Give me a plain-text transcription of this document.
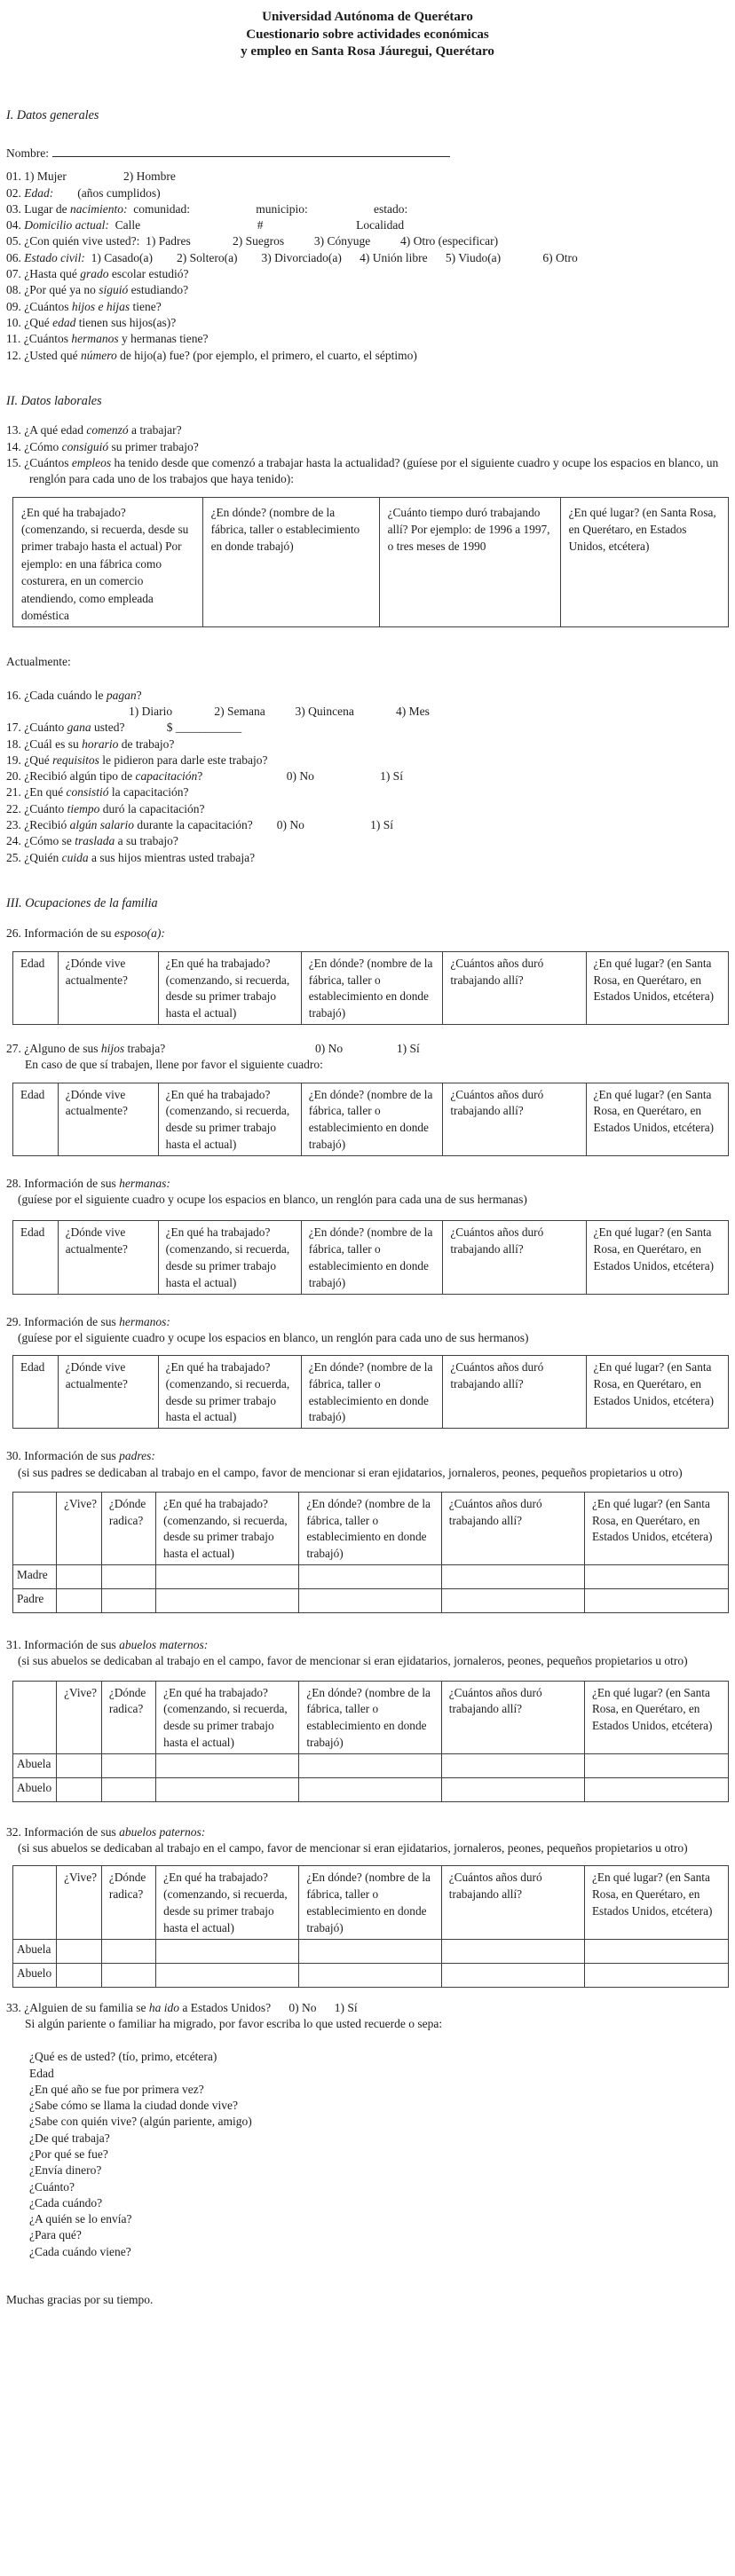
Universidad Autónoma de Querétaro
Cuestionario sobre actividades económicas
y empleo en Santa Rosa Jáuregui, Querétaro
I. Datos generales
Nombre:
01. 1) Mujer                   2) Hombre
02. Edad:        (años cumplidos)
03. Lugar de nacimiento:  comunidad:                      municipio:                      estado:
04. Domicilio actual:  Calle                                       #                               Localidad
05. ¿Con quién vive usted?:  1) Padres              2) Suegros          3) Cónyuge          4) Otro (especificar)
06. Estado civil:  1) Casado(a)        2) Soltero(a)        3) Divorciado(a)      4) Unión libre      5) Viudo(a)              6) Otro
07. ¿Hasta qué grado escolar estudió?
08. ¿Por qué ya no siguió estudiando?
09. ¿Cuántos hijos e hijas tiene?
10. ¿Qué edad tienen sus hijos(as)?
11. ¿Cuántos hermanos y hermanas tiene?
12. ¿Usted qué número de hijo(a) fue? (por ejemplo, el primero, el cuarto, el séptimo)
II. Datos laborales
13. ¿A qué edad comenzó a trabajar?
14. ¿Cómo consiguió su primer trabajo?
15. ¿Cuántos empleos ha tenido desde que comenzó a trabajar hasta la actualidad? (guíese por el siguiente cuadro y ocupe los espacios en blanco, un renglón para cada uno de los trabajos que haya tenido):
¿En qué ha trabajado? (comenzando, si recuerda, desde su primer trabajo hasta el actual) Por ejemplo: en una fábrica como costurera, en un comercio atendiendo, como empleada doméstica	¿En dónde? (nombre de la fábrica, taller o establecimiento en donde trabajó)	¿Cuánto tiempo duró trabajando allí? Por ejemplo: de 1996 a 1997, o tres meses de 1990	¿En qué lugar? (en Santa Rosa, en Querétaro, en Estados Unidos, etcétera)
Actualmente:
16. ¿Cada cuándo le pagan?
1) Diario              2) Semana          3) Quincena              4) Mes
17. ¿Cuánto gana usted?              $ ___________
18. ¿Cuál es su horario de trabajo?
19. ¿Qué requisitos le pidieron para darle este trabajo?
20. ¿Recibió algún tipo de capacitación?                            0) No                      1) Sí
21. ¿En qué consistió la capacitación?
22. ¿Cuánto tiempo duró la capacitación?
23. ¿Recibió algún salario durante la capacitación?        0) No                      1) Sí
24. ¿Cómo se traslada a su trabajo?
25. ¿Quién cuida a sus hijos mientras usted trabaja?
III. Ocupaciones de la familia
26. Información de su esposo(a):
Edad	¿Dónde vive actualmente?	¿En qué ha trabajado? (comenzando, si recuerda, desde su primer trabajo hasta el actual)	¿En dónde? (nombre de la fábrica, taller o establecimiento en donde trabajó)	¿Cuántos años duró trabajando allí?	¿En qué lugar? (en Santa Rosa, en Querétaro, en Estados Unidos, etcétera)
27. ¿Alguno de sus hijos trabaja?                                                  0) No                  1) Sí
En caso de que sí trabajen, llene por favor el siguiente cuadro:
Edad	¿Dónde vive actualmente?	¿En qué ha trabajado? (comenzando, si recuerda, desde su primer trabajo hasta el actual)	¿En dónde? (nombre de la fábrica, taller o establecimiento en donde trabajó)	¿Cuántos años duró trabajando allí?	¿En qué lugar? (en Santa Rosa, en Querétaro, en Estados Unidos, etcétera)
28. Información de sus hermanas:
(guíese por el siguiente cuadro y ocupe los espacios en blanco, un renglón para cada una de sus hermanas)
Edad	¿Dónde vive actualmente?	¿En qué ha trabajado? (comenzando, si recuerda, desde su primer trabajo hasta el actual)	¿En dónde? (nombre de la fábrica, taller o establecimiento en donde trabajó)	¿Cuántos años duró trabajando allí?	¿En qué lugar? (en Santa Rosa, en Querétaro, en Estados Unidos, etcétera)
29. Información de sus hermanos:
(guíese por el siguiente cuadro y ocupe los espacios en blanco, un renglón para cada uno de sus hermanos)
Edad	¿Dónde vive actualmente?	¿En qué ha trabajado? (comenzando, si recuerda, desde su primer trabajo hasta el actual)	¿En dónde? (nombre de la fábrica, taller o establecimiento en donde trabajó)	¿Cuántos años duró trabajando allí?	¿En qué lugar? (en Santa Rosa, en Querétaro, en Estados Unidos, etcétera)
30. Información de sus padres:
(si sus padres se dedicaban al trabajo en el campo, favor de mencionar si eran ejidatarios, jornaleros, peones, pequeños propietarios u otro)
	¿Vive?	¿Dónde radica?	¿En qué ha trabajado? (comenzando, si recuerda, desde su primer trabajo hasta el actual)	¿En dónde? (nombre de la fábrica, taller o establecimiento en donde trabajó)	¿Cuántos años duró trabajando allí?	¿En qué lugar? (en Santa Rosa, en Querétaro, en Estados Unidos, etcétera)
Madre						
Padre						
31. Información de sus abuelos maternos:
(si sus abuelos se dedicaban al trabajo en el campo, favor de mencionar si eran ejidatarios, jornaleros, peones, pequeños propietarios u otro)
	¿Vive?	¿Dónde radica?	¿En qué ha trabajado? (comenzando, si recuerda, desde su primer trabajo hasta el actual)	¿En dónde? (nombre de la fábrica, taller o establecimiento en donde trabajó)	¿Cuántos años duró trabajando allí?	¿En qué lugar? (en Santa Rosa, en Querétaro, en Estados Unidos, etcétera)
Abuela						
Abuelo						
32. Información de sus abuelos paternos:
(si sus abuelos se dedicaban al trabajo en el campo, favor de mencionar si eran ejidatarios, jornaleros, peones, pequeños propietarios u otro)
	¿Vive?	¿Dónde radica?	¿En qué ha trabajado? (comenzando, si recuerda, desde su primer trabajo hasta el actual)	¿En dónde? (nombre de la fábrica, taller o establecimiento en donde trabajó)	¿Cuántos años duró trabajando allí?	¿En qué lugar? (en Santa Rosa, en Querétaro, en Estados Unidos, etcétera)
Abuela						
Abuelo						
33. ¿Alguien de su familia se ha ido a Estados Unidos?      0) No      1) Sí
Si algún pariente o familiar ha migrado, por favor escriba lo que usted recuerde o sepa:
¿Qué es de usted? (tío, primo, etcétera)
Edad
¿En qué año se fue por primera vez?
¿Sabe cómo se llama la ciudad donde vive?
¿Sabe con quién vive? (algún pariente, amigo)
¿De qué trabaja?
¿Por qué se fue?
¿Envía dinero?
¿Cuánto?
¿Cada cuándo?
¿A quién se lo envía?
¿Para qué?
¿Cada cuándo viene?
Muchas gracias por su tiempo.
